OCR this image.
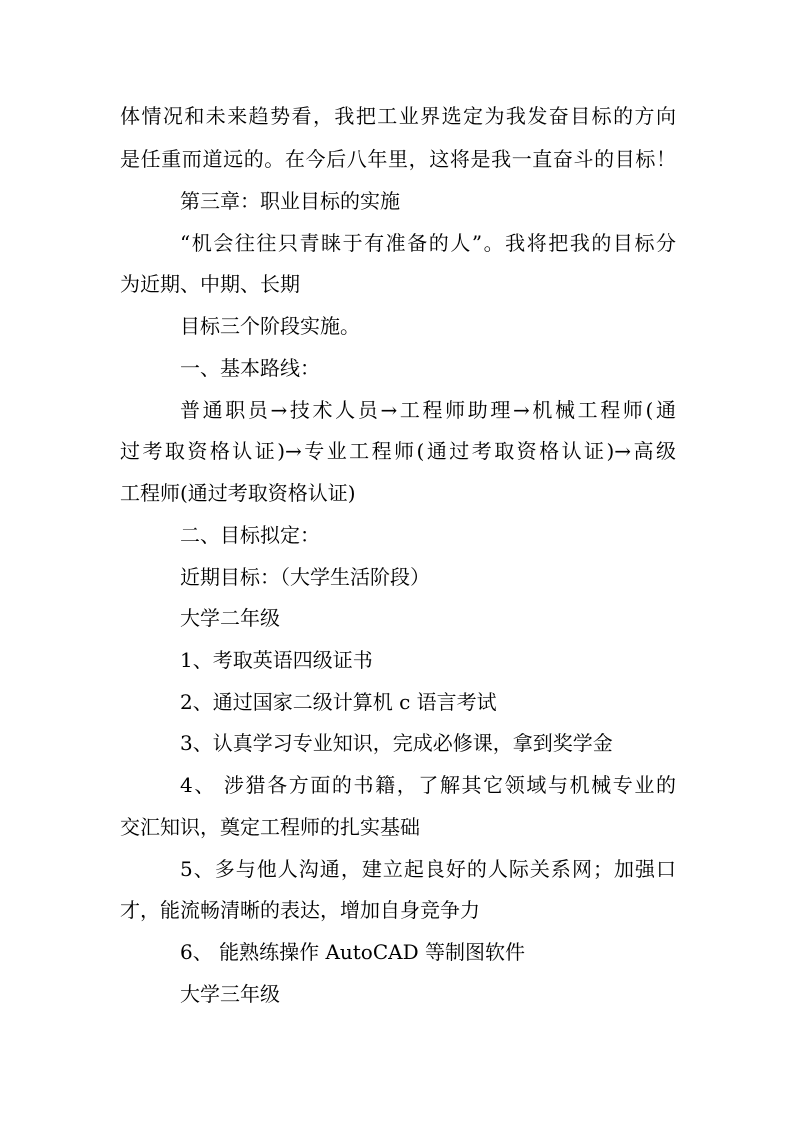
体情况和未来趋势看，我把工业界选定为我发奋目标的方向
是任重而道远的。在今后八年里，这将是我一直奋斗的目标！
第三章：职业目标的实施
“机会往往只青睐于有准备的人”。我将把我的目标分
为近期、中期、长期
目标三个阶段实施。
一、基本路线：
普通职员→技术人员→工程师助理→机械工程师(通
过考取资格认证)→专业工程师(通过考取资格认证)→高级
工程师(通过考取资格认证)
二、目标拟定：
近期目标：（大学生活阶段）
大学二年级
1、考取英语四级证书
2、通过国家二级计算机 c 语言考试
3、认真学习专业知识，完成必修课，拿到奖学金
4、 涉猎各方面的书籍，了解其它领域与机械专业的
交汇知识，奠定工程师的扎实基础
5、多与他人沟通，建立起良好的人际关系网；加强口
才，能流畅清晰的表达，增加自身竞争力
6、 能熟练操作 AutoCAD 等制图软件
大学三年级
